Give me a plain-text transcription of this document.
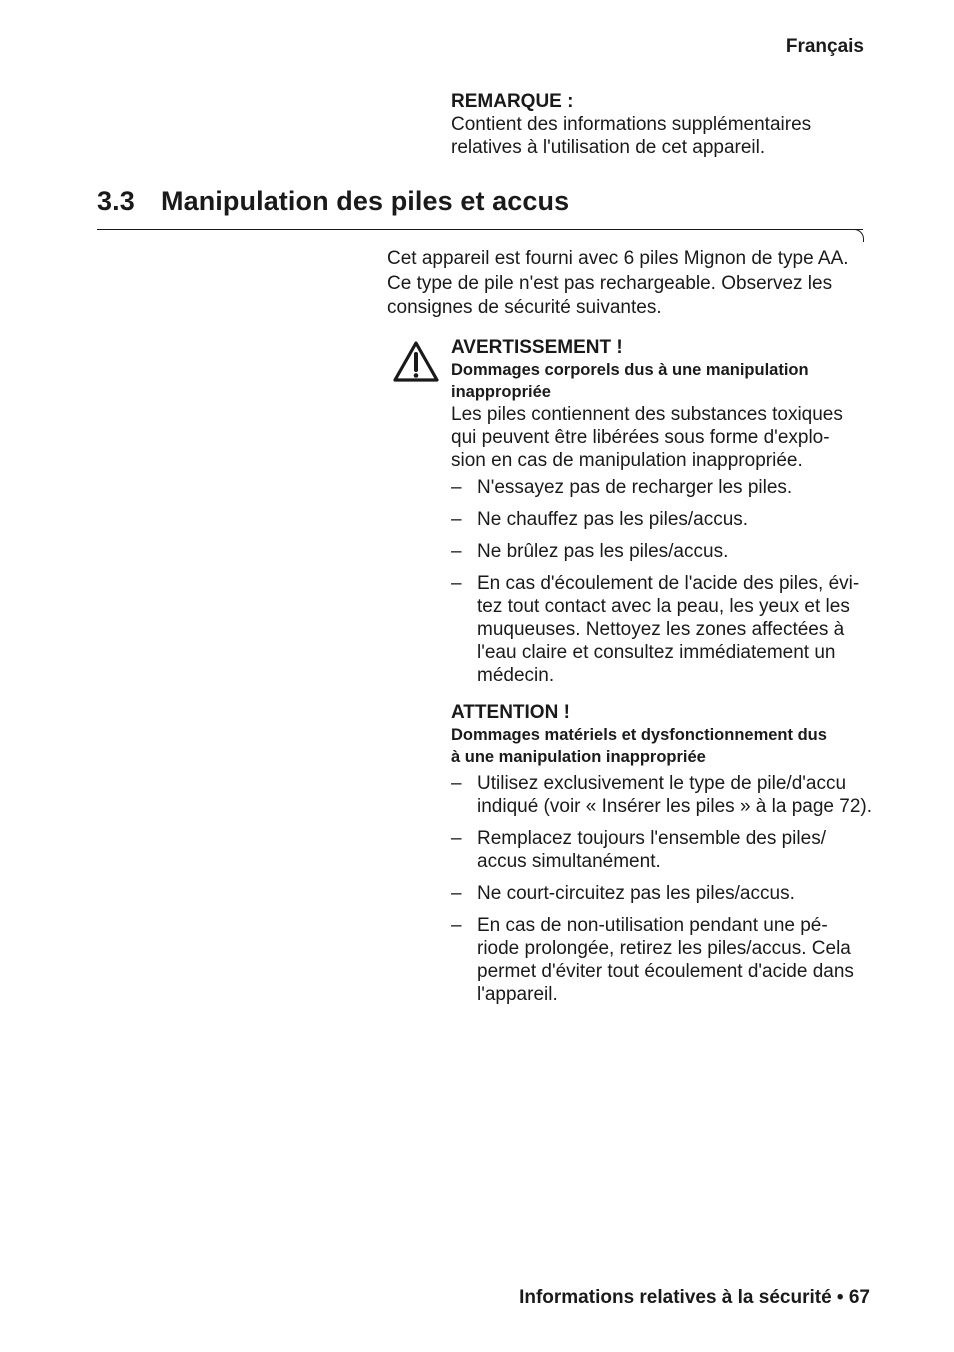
Français
REMARQUE :
Contient des informations supplémentaires
relatives à l'utilisation de cet appareil.
3.3 Manipulation des piles et accus
Cet appareil est fourni avec 6 piles Mignon de type AA.
Ce type de pile n'est pas rechargeable. Observez les
consignes de sécurité suivantes.
AVERTISSEMENT !
Dommages corporels dus à une manipulation
inappropriée
Les piles contiennent des substances toxiques
qui peuvent être libérées sous forme d'explo-
sion en cas de manipulation inappropriée.
– N'essayez pas de recharger les piles.
– Ne chauffez pas les piles/accus.
– Ne brûlez pas les piles/accus.
– En cas d'écoulement de l'acide des piles, évi-
tez tout contact avec la peau, les yeux et les
muqueuses. Nettoyez les zones affectées à
l'eau claire et consultez immédiatement un
médecin.
ATTENTION !
Dommages matériels et dysfonctionnement dus
à une manipulation inappropriée
– Utilisez exclusivement le type de pile/d'accu
indiqué (voir « Insérer les piles » à la page 72).
– Remplacez toujours l'ensemble des piles/
accus simultanément.
– Ne court-circuitez pas les piles/accus.
– En cas de non-utilisation pendant une pé-
riode prolongée, retirez les piles/accus. Cela
permet d'éviter tout écoulement d'acide dans
l'appareil.
Informations relatives à la sécurité • 67
